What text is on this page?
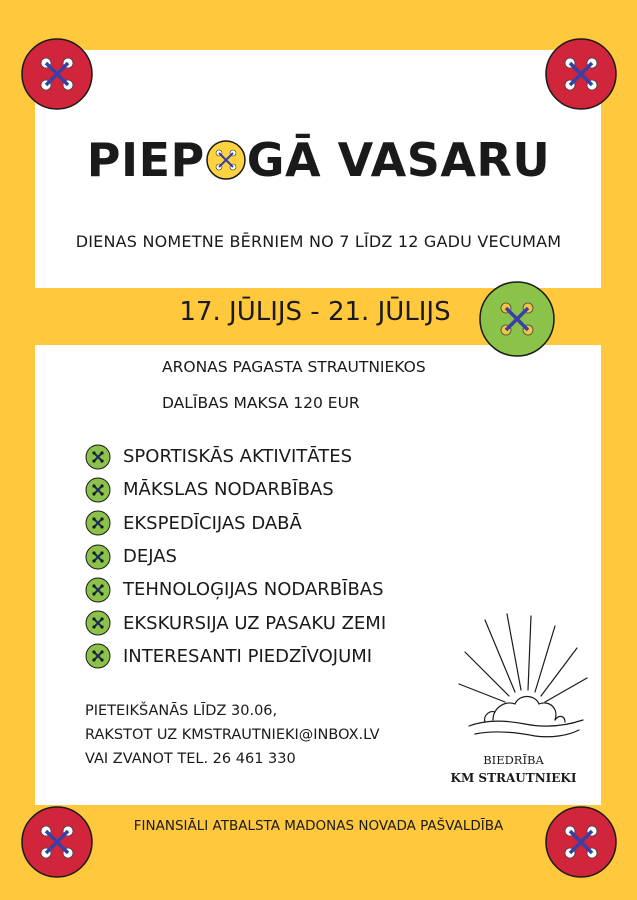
PIEP GĀ VASARU
DIENAS NOMETNE BĒRNIEM NO 7 LĪDZ 12 GADU VECUMAM
17. JŪLIJS - 21. JŪLIJS
ARONAS PAGASTA STRAUTNIEKOS
DALĪBAS MAKSA 120 EUR
SPORTISKĀS AKTIVITĀTES
MĀKSLAS NODARBĪBAS
EKSPEDĪCIJAS DABĀ
DEJAS
TEHNOLOĢIJAS NODARBĪBAS
EKSKURSIJA UZ PASAKU ZEMI
INTERESANTI PIEDZĪVOJUMI
PIETEIKŠANĀS LĪDZ 30.06,
RAKSTOT UZ KMSTRAUTNIEKI@INBOX.LV
VAI ZVANOT TEL. 26 461 330	BIEDRĪBA
KM STRAUTNIEKI
FINANSIĀLI ATBALSTA MADONAS NOVADA PAŠVALDĪBA
